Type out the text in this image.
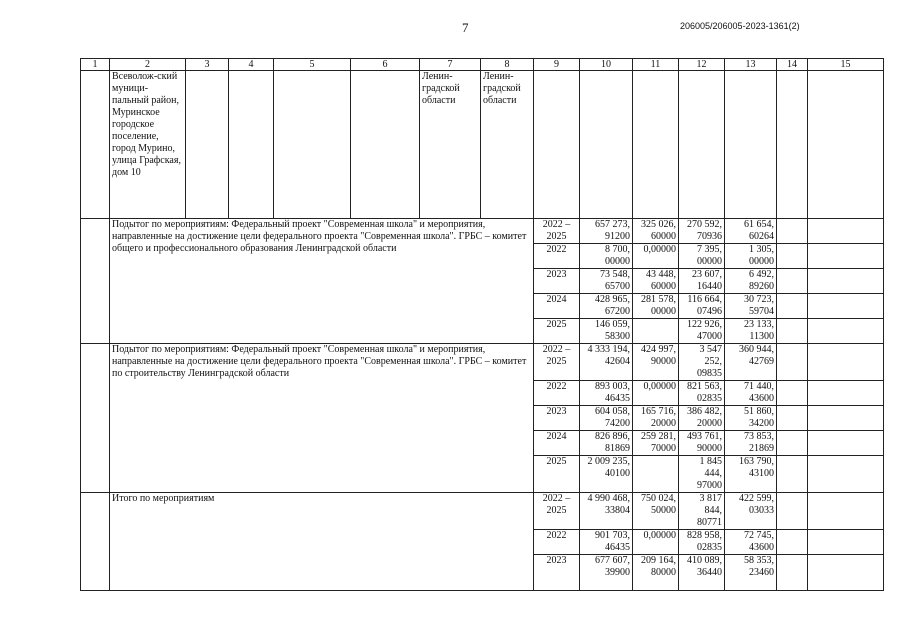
7	206005/206005-2023-1361(2)
1	2	3	4	5	6	7	8	9	10	11	12	13	14	15
	Всеволож-ский муници-пальный район, Муринское городское поселение, город Мурино, улица Графская, дом 10					Ленин-градской области	Ленин-градской области							
	Подытог по мероприятиям: Федеральный проект "Современная школа" и мероприятия, направленные на достижение цели федерального проекта "Современная школа". ГРБС – комитет общего и профессионального образования Ленинградской области							2022 – 2025	657 273, 91200	325 026, 60000	270 592, 70936	61 654, 60264		
								2022	8 700, 00000	0,00000	7 395, 00000	1 305, 00000		
								2023	73 548, 65700	43 448, 60000	23 607, 16440	6 492, 89260		
								2024	428 965, 67200	281 578, 00000	116 664, 07496	30 723, 59704		
								2025	146 059, 58300		122 926, 47000	23 133, 11300		
	Подытог по мероприятиям: Федеральный проект "Современная школа" и мероприятия, направленные на достижение цели федерального проекта "Современная школа". ГРБС – комитет по строительству Ленинградской области							2022 – 2025	4 333 194, 42604	424 997, 90000	3 547 252, 09835	360 944, 42769		
								2022	893 003, 46435	0,00000	821 563, 02835	71 440, 43600		
								2023	604 058, 74200	165 716, 20000	386 482, 20000	51 860, 34200		
								2024	826 896, 81869	259 281, 70000	493 761, 90000	73 853, 21869		
								2025	2 009 235, 40100		1 845 444, 97000	163 790, 43100		
	Итого по мероприятиям							2022 – 2025	4 990 468, 33804	750 024, 50000	3 817 844, 80771	422 599, 03033		
								2022	901 703, 46435	0,00000	828 958, 02835	72 745, 43600		
								2023	677 607, 39900	209 164, 80000	410 089, 36440	58 353, 23460		
